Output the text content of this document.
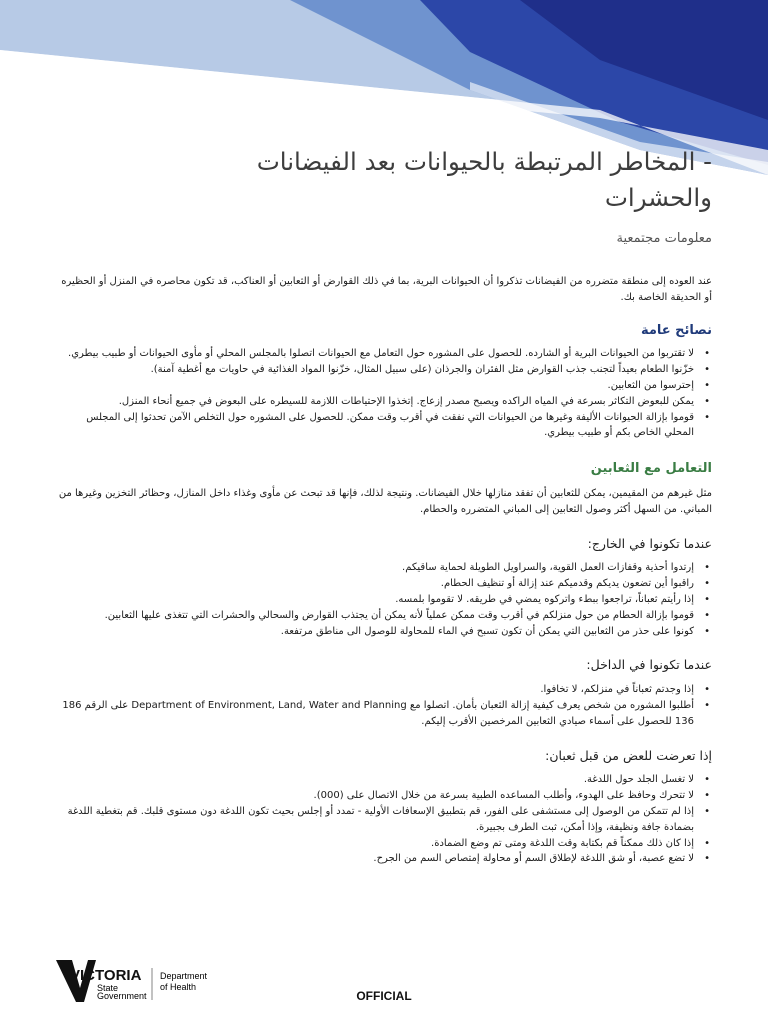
- المخاطر المرتبطة بالحيوانات بعد الفيضانات
والحشرات

معلومات مجتمعية

عند العوده إلى منطقة متضرره من الفيضانات تذكروا أن الحيوانات البرية، بما في ذلك القوارض أو الثعابين أو العناكب، قد تكون محاصره في المنزل أو الحظيره أو الحديقة الخاصة بك.

نصائح عامة
• لا تقتربوا من الحيوانات البرية أو الشارده. للحصول على المشوره حول التعامل مع الحيوانات اتصلوا بالمجلس المحلي أو مأوى الحيوانات أو طبيب بيطري.
• خزّنوا الطعام بعيداً لتجنب جذب القوارض مثل الفئران والجرذان (على سبيل المثال، خزّنوا المواد الغذائية في حاويات مع أغطية آمنة).
• إحترسوا من الثعابين.
• يمكن للبعوض التكاثر بسرعة في المياه الراكده ويصبح مصدر إزعاج. إتخذوا الإحتياطات اللازمة للسيطره على البعوض في جميع أنحاء المنزل.
• قوموا بإزالة الحيوانات الأليفة وغيرها من الحيوانات التي نفقت في أقرب وقت ممكن. للحصول على المشوره حول التخلص الآمن تحدثوا إلى المجلس المحلي الخاص بكم أو طبيب بيطري.
التعامل مع الثعابين

مثل غيرهم من المقيمين، يمكن للثعابين أن تفقد منازلها خلال الفيضانات. ونتيجة لذلك، فإنها قد تبحث عن مأوى وغذاء داخل المنازل، وحظائر التخزين وغيرها من المباني. من السهل أكثر وصول الثعابين إلى المباني المتضرره والحطام.

عندما تكونوا في الخارج:
• إرتدوا أحذية وقفازات العمل القوية، والسراويل الطويلة لحماية ساقيكم.
• راقبوا أين تضعون يديكم وقدميكم عند إزالة أو تنظيف الحطام.
• إذا رأيتم ثعباناً، تراجعوا ببطء واتركوه يمضي في طريقه. لا تقوموا بلمسه.
• قوموا بإزالة الحطام من حول منزلكم في أقرب وقت ممكن عملياً لأنه يمكن أن يجتذب القوارض والسحالي والحشرات التي تتغذى عليها الثعابين.
• كونوا على حذر من الثعابين التي يمكن أن تكون تسبح في الماء للمحاولة للوصول الى مناطق مرتفعة.
عندما تكونوا في الداخل:
• إذا وجدتم ثعباناً في منزلكم، لا تخافوا.
• أطلبوا المشوره من شخص يعرف كيفية إزالة الثعبان بأمان. اتصلوا مع Department of Environment, Land, Water and Planning على الرقم 186 136 للحصول على أسماء صيادي الثعابين المرخصين الأقرب إليكم.
إذا تعرضت للعض من قبل ثعبان:
• لا تغسل الجلد حول اللدغة.
• لا تتحرك وحافظ على الهدوء، وأطلب المساعده الطبية بسرعة من خلال الاتصال على (000).
• إذا لم تتمكن من الوصول إلى مستشفى على الفور، قم بتطبيق الإسعافات الأولية - تمدد أو إجلس بحيث تكون اللدغة دون مستوى قلبك. قم بتغطية اللدغة بضمادة جافة ونظيفة، وإذا أمكن، ثبت الطرف بجبيرة.
• إذا كان ذلك ممكناً قم بكتابة وقت اللدغة ومتى تم وضع الضمادة.
• لا تضع عصبة، أو شق اللدغة لإطلاق السم أو محاولة إمتصاص السم من الجرح.
VICTORIA
State
Government
Department
of Health
OFFICIAL
